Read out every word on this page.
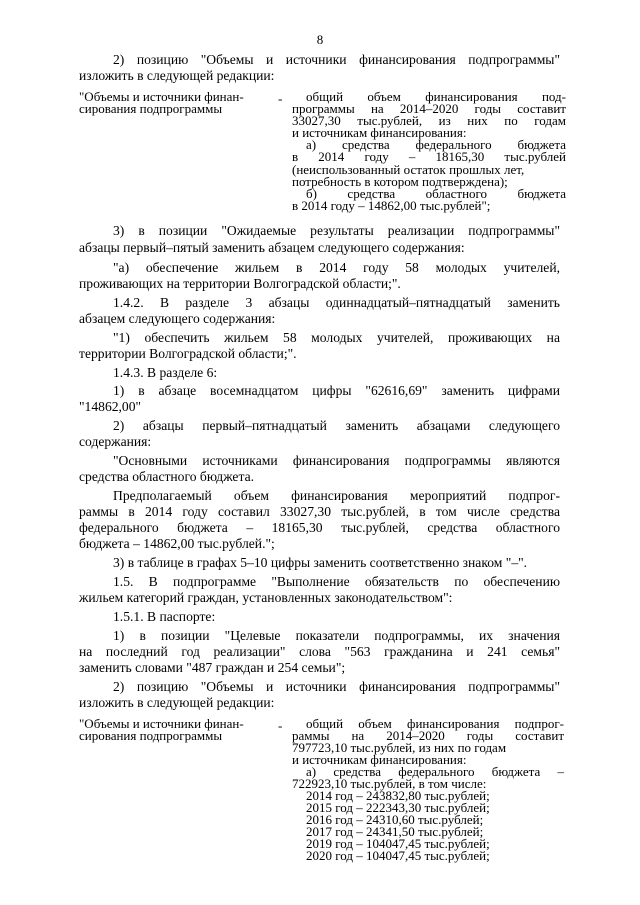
8
2) позицию "Объемы и источники финансирования подпрограммы"
изложить в следующей редакции:
"Объемы и источники финан-
сирования подпрограммы
- общий объем финансирования под-
программы на 2014–2020 годы составит
33027,30 тыс.рублей, из них по годам
и источникам финансирования:
а) средства федерального бюджета
в 2014 году – 18165,30 тыс.рублей
(неиспользованный остаток прошлых лет,
потребность в котором подтверждена);
б) средства областного бюджета
в 2014 году – 14862,00 тыс.рублей";
3) в позиции "Ожидаемые результаты реализации подпрограммы"
абзацы первый–пятый заменить абзацем следующего содержания:
"а) обеспечение жильем в 2014 году 58 молодых учителей,
проживающих на территории Волгоградской области;".
1.4.2. В разделе 3 абзацы одиннадцатый–пятнадцатый заменить
абзацем следующего содержания:
"1) обеспечить жильем 58 молодых учителей, проживающих на
территории Волгоградской области;".
1.4.3. В разделе 6:
1) в абзаце восемнадцатом цифры "62616,69" заменить цифрами
"14862,00"
2) абзацы первый–пятнадцатый заменить абзацами следующего
содержания:
"Основными источниками финансирования подпрограммы являются
средства областного бюджета.
Предполагаемый объем финансирования мероприятий подпрог-
раммы в 2014 году составил 33027,30 тыс.рублей, в том числе средства
федерального бюджета – 18165,30 тыс.рублей, средства областного
бюджета – 14862,00 тыс.рублей.";
3) в таблице в графах 5–10 цифры заменить соответственно знаком "–".
1.5. В подпрограмме "Выполнение обязательств по обеспечению
жильем категорий граждан, установленных законодательством":
1.5.1. В паспорте:
1) в позиции "Целевые показатели подпрограммы, их значения
на последний год реализации" слова "563 гражданина и 241 семья"
заменить словами "487 граждан и 254 семьи";
2) позицию "Объемы и источники финансирования подпрограммы"
изложить в следующей редакции:
"Объемы и источники финан-
сирования подпрограммы
- общий объем финансирования подпрог-
раммы на 2014–2020 годы составит
797723,10 тыс.рублей, из них по годам
и источникам финансирования:
а) средства федерального бюджета –
722923,10 тыс.рублей, в том числе:
2014 год – 243832,80 тыс.рублей;
2015 год – 222343,30 тыс.рублей;
2016 год – 24310,60 тыс.рублей;
2017 год – 24341,50 тыс.рублей;
2019 год – 104047,45 тыс.рублей;
2020 год – 104047,45 тыс.рублей;
